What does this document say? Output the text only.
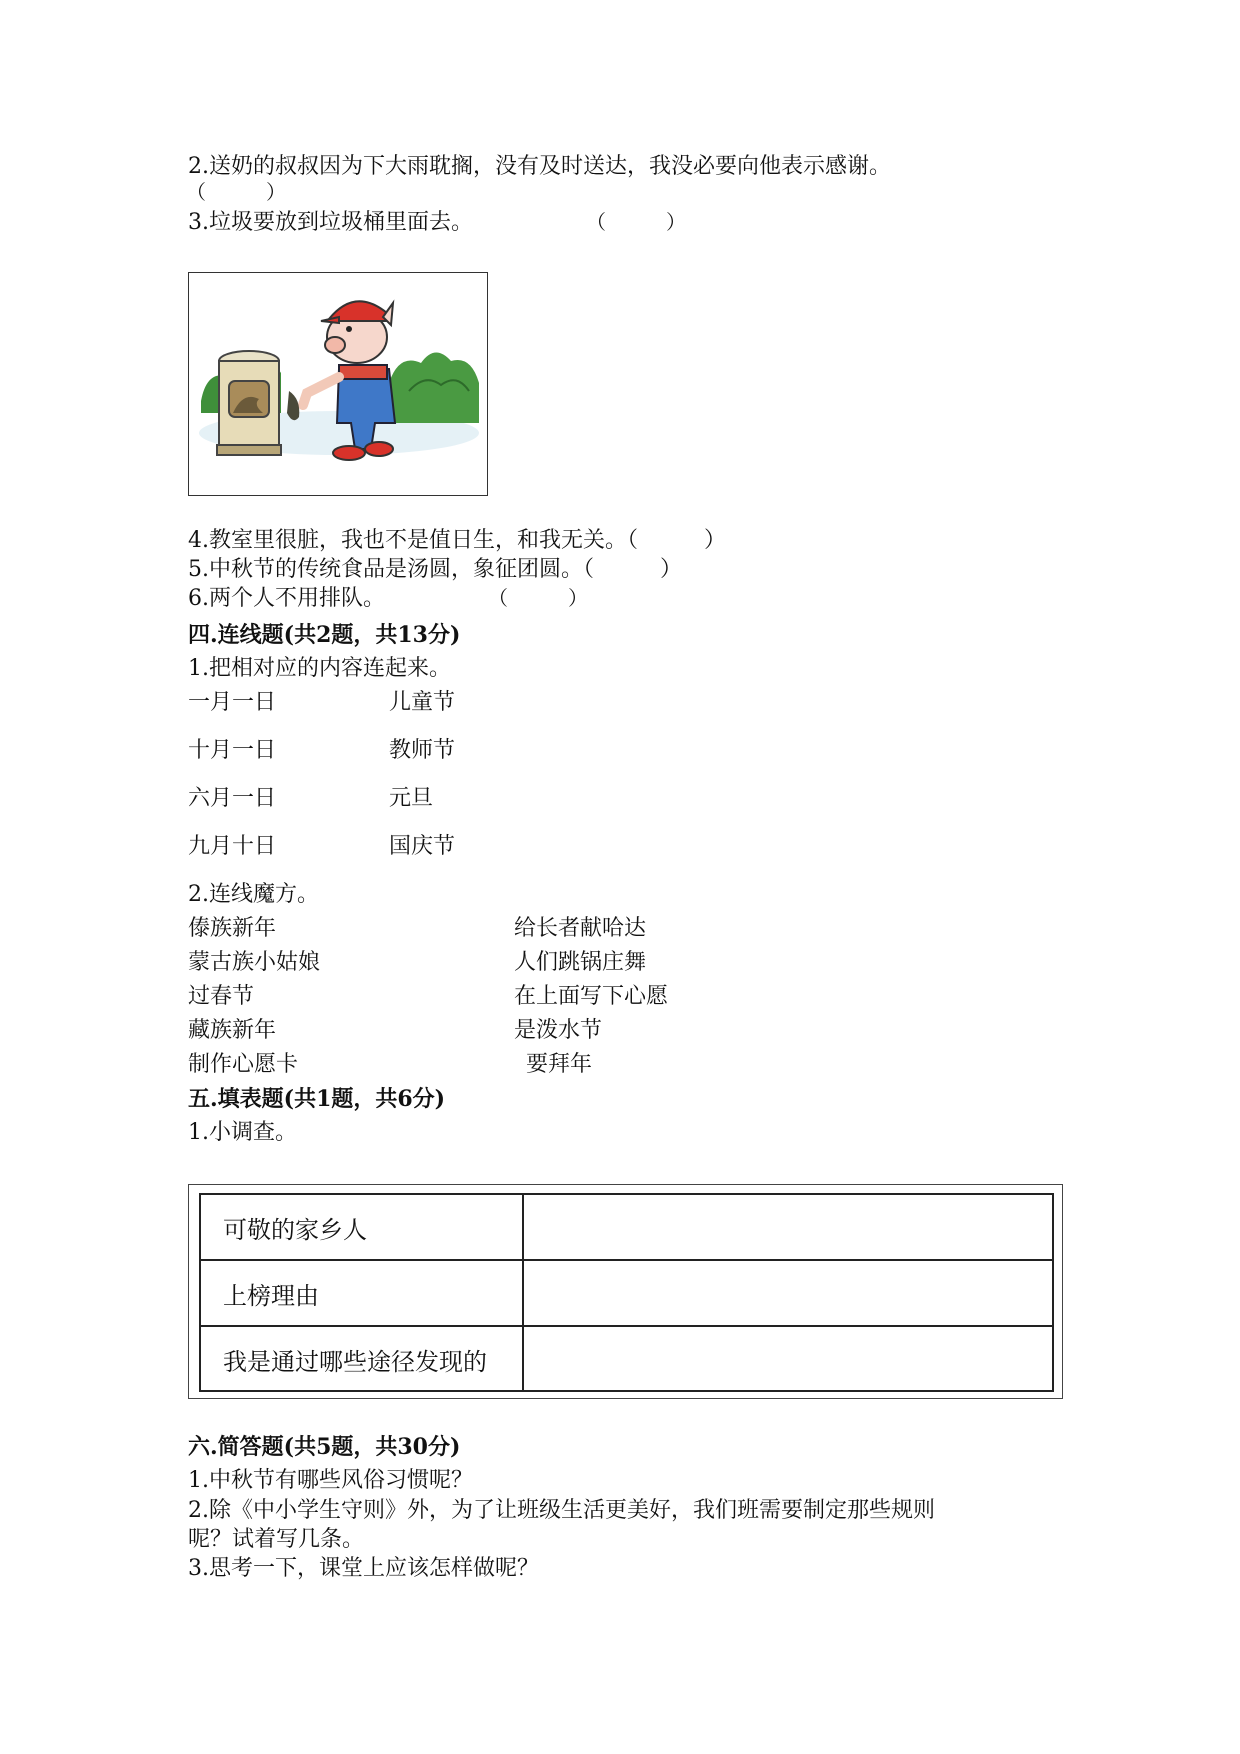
2.送奶的叔叔因为下大雨耽搁，没有及时送达，我没必要向他表示感谢。
（　　　）
3.垃圾要放到垃圾桶里面去。	（　　　）
4.教室里很脏，我也不是值日生，和我无关。（　　　）
5.中秋节的传统食品是汤圆，象征团圆。（　　　）
6.两个人不用排队。	（　　　）
四.连线题(共2题，共13分)
1.把相对应的内容连起来。
一月一日	儿童节
十月一日	教师节
六月一日	元旦
九月十日	国庆节
2.连线魔方。
傣族新年	给长者献哈达
蒙古族小姑娘	人们跳锅庄舞
过春节	在上面写下心愿
藏族新年	是泼水节
制作心愿卡	要拜年
五.填表题(共1题，共6分)
1.小调查。
可敬的家乡人	
上榜理由	
我是通过哪些途径发现的	
六.简答题(共5题，共30分)
1.中秋节有哪些风俗习惯呢？
2.除《中小学生守则》外，为了让班级生活更美好，我们班需要制定那些规则
呢？试着写几条。
3.思考一下，课堂上应该怎样做呢？
